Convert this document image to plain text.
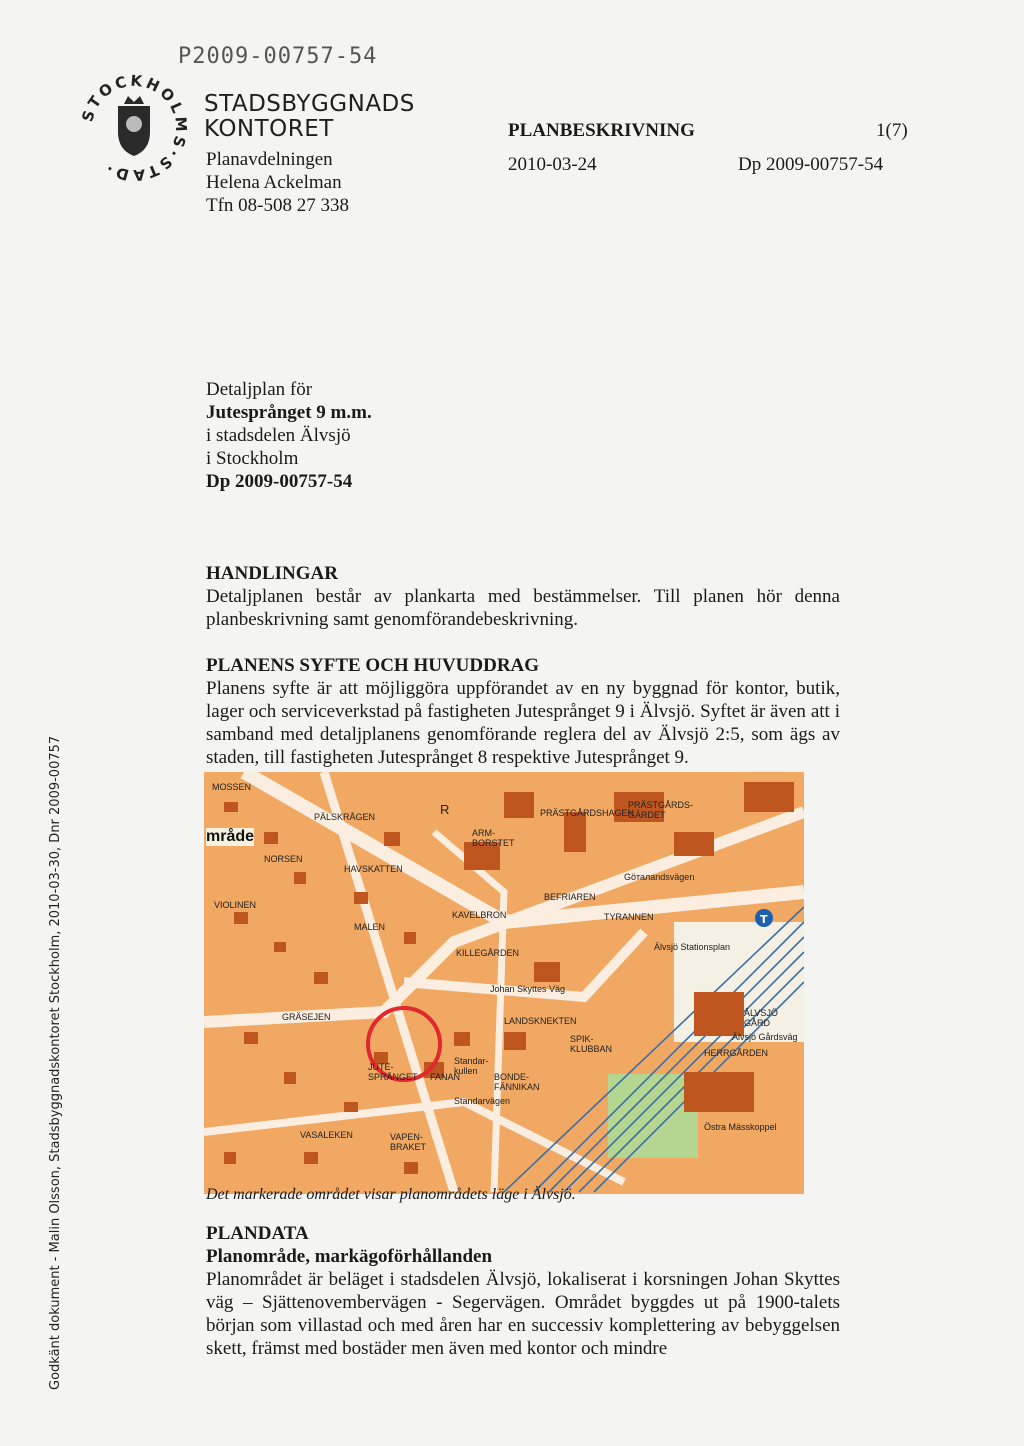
P2009-00757-54
STOCKHOLMS·STAD·
STADSBYGGNADS
KONTORET
Planavdelningen
Helena Ackelman
Tfn 08-508 27 338
PLANBESKRIVNING	1(7)
2010-03-24	Dp 2009-00757-54
Detaljplan för
Jutesprånget 9 m.m.
i stadsdelen Älvsjö
i Stockholm
Dp 2009-00757-54
HANDLINGAR
Detaljplanen består av plankarta med bestämmelser. Till planen hör denna planbeskrivning samt genomförandebeskrivning.
PLANENS SYFTE OCH HUVUDDRAG
Planens syfte är att möjliggöra uppförandet av en ny byggnad för kontor, butik, lager och serviceverkstad på fastigheten Jutesprånget 9 i Älvsjö. Syftet är även att i samband med detaljplanens genomförande reglera del av Älvsjö 2:5, som ägs av staden, till fastigheten Jutesprånget 8 respektive Jutesprånget 9.
T
mråde
MOSSEN
PÄLSKRÅGEN
NORSEN
VIOLINEN
HAVSKATTEN
MALEN
KAVELBRON
KILLEGÅRDEN
GRÄSEJEN
JUTE-SPRÅNGET FANAN
Standar-kullen
BONDE-FÄNNIKAN
VASALEKEN	VAPEN-BRAKET
PRÄSTGÅRDSHAGEN
PRÄSTGÅRDS-GÄRDET
ARM-BORSTET
BEFRIAREN
TYRANNEN
LANDSKNEKTEN
SPIK-KLUBBAN
ÄLVSJÖ GÅRD
HERRGÅRDEN
Johan Skyttes Väg
Älvsjö Stationsplan
Göталandsvägen
Östra Mässkoppel
Älvsjö Gårdsväg
Standarvägen
R
Det markerade området visar planområdets läge i Älvsjö.
PLANDATA
Planområde, markägoförhållanden
Planområdet är beläget i stadsdelen Älvsjö, lokaliserat i korsningen Johan Skyttes väg – Sjättenovembervägen - Segervägen. Området byggdes ut på 1900-talets början som villastad och med åren har en successiv komplettering av bebyggelsen skett, främst med bostäder men även med kontor och mindre
Godkänt dokument - Malin Olsson, Stadsbyggnadskontoret Stockholm, 2010-03-30, Dnr 2009-00757
